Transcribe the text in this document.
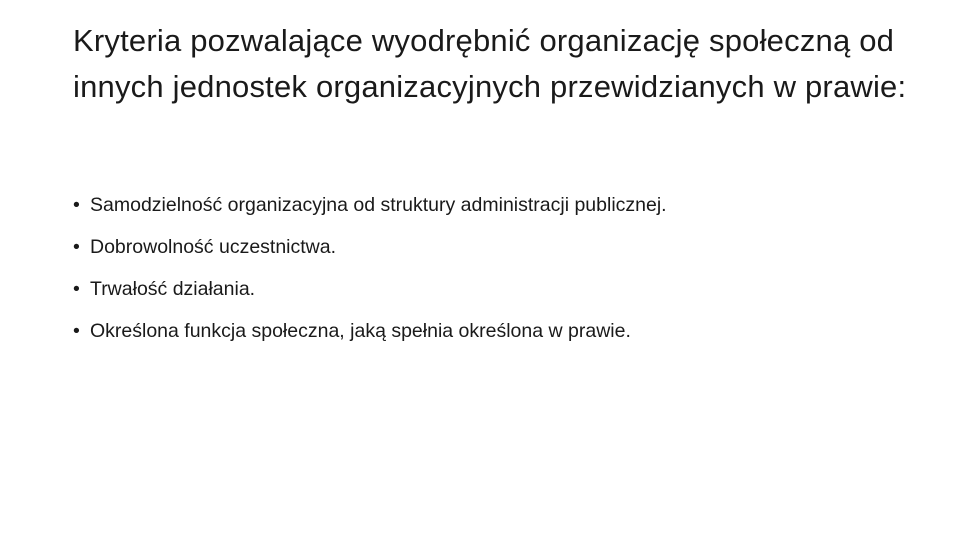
Kryteria pozwalające wyodrębnić organizację społeczną od innych jednostek organizacyjnych przewidzianych w prawie:
• Samodzielność organizacyjna od struktury administracji publicznej.
• Dobrowolność uczestnictwa.
• Trwałość działania.
• Określona funkcja społeczna, jaką spełnia określona w prawie.
